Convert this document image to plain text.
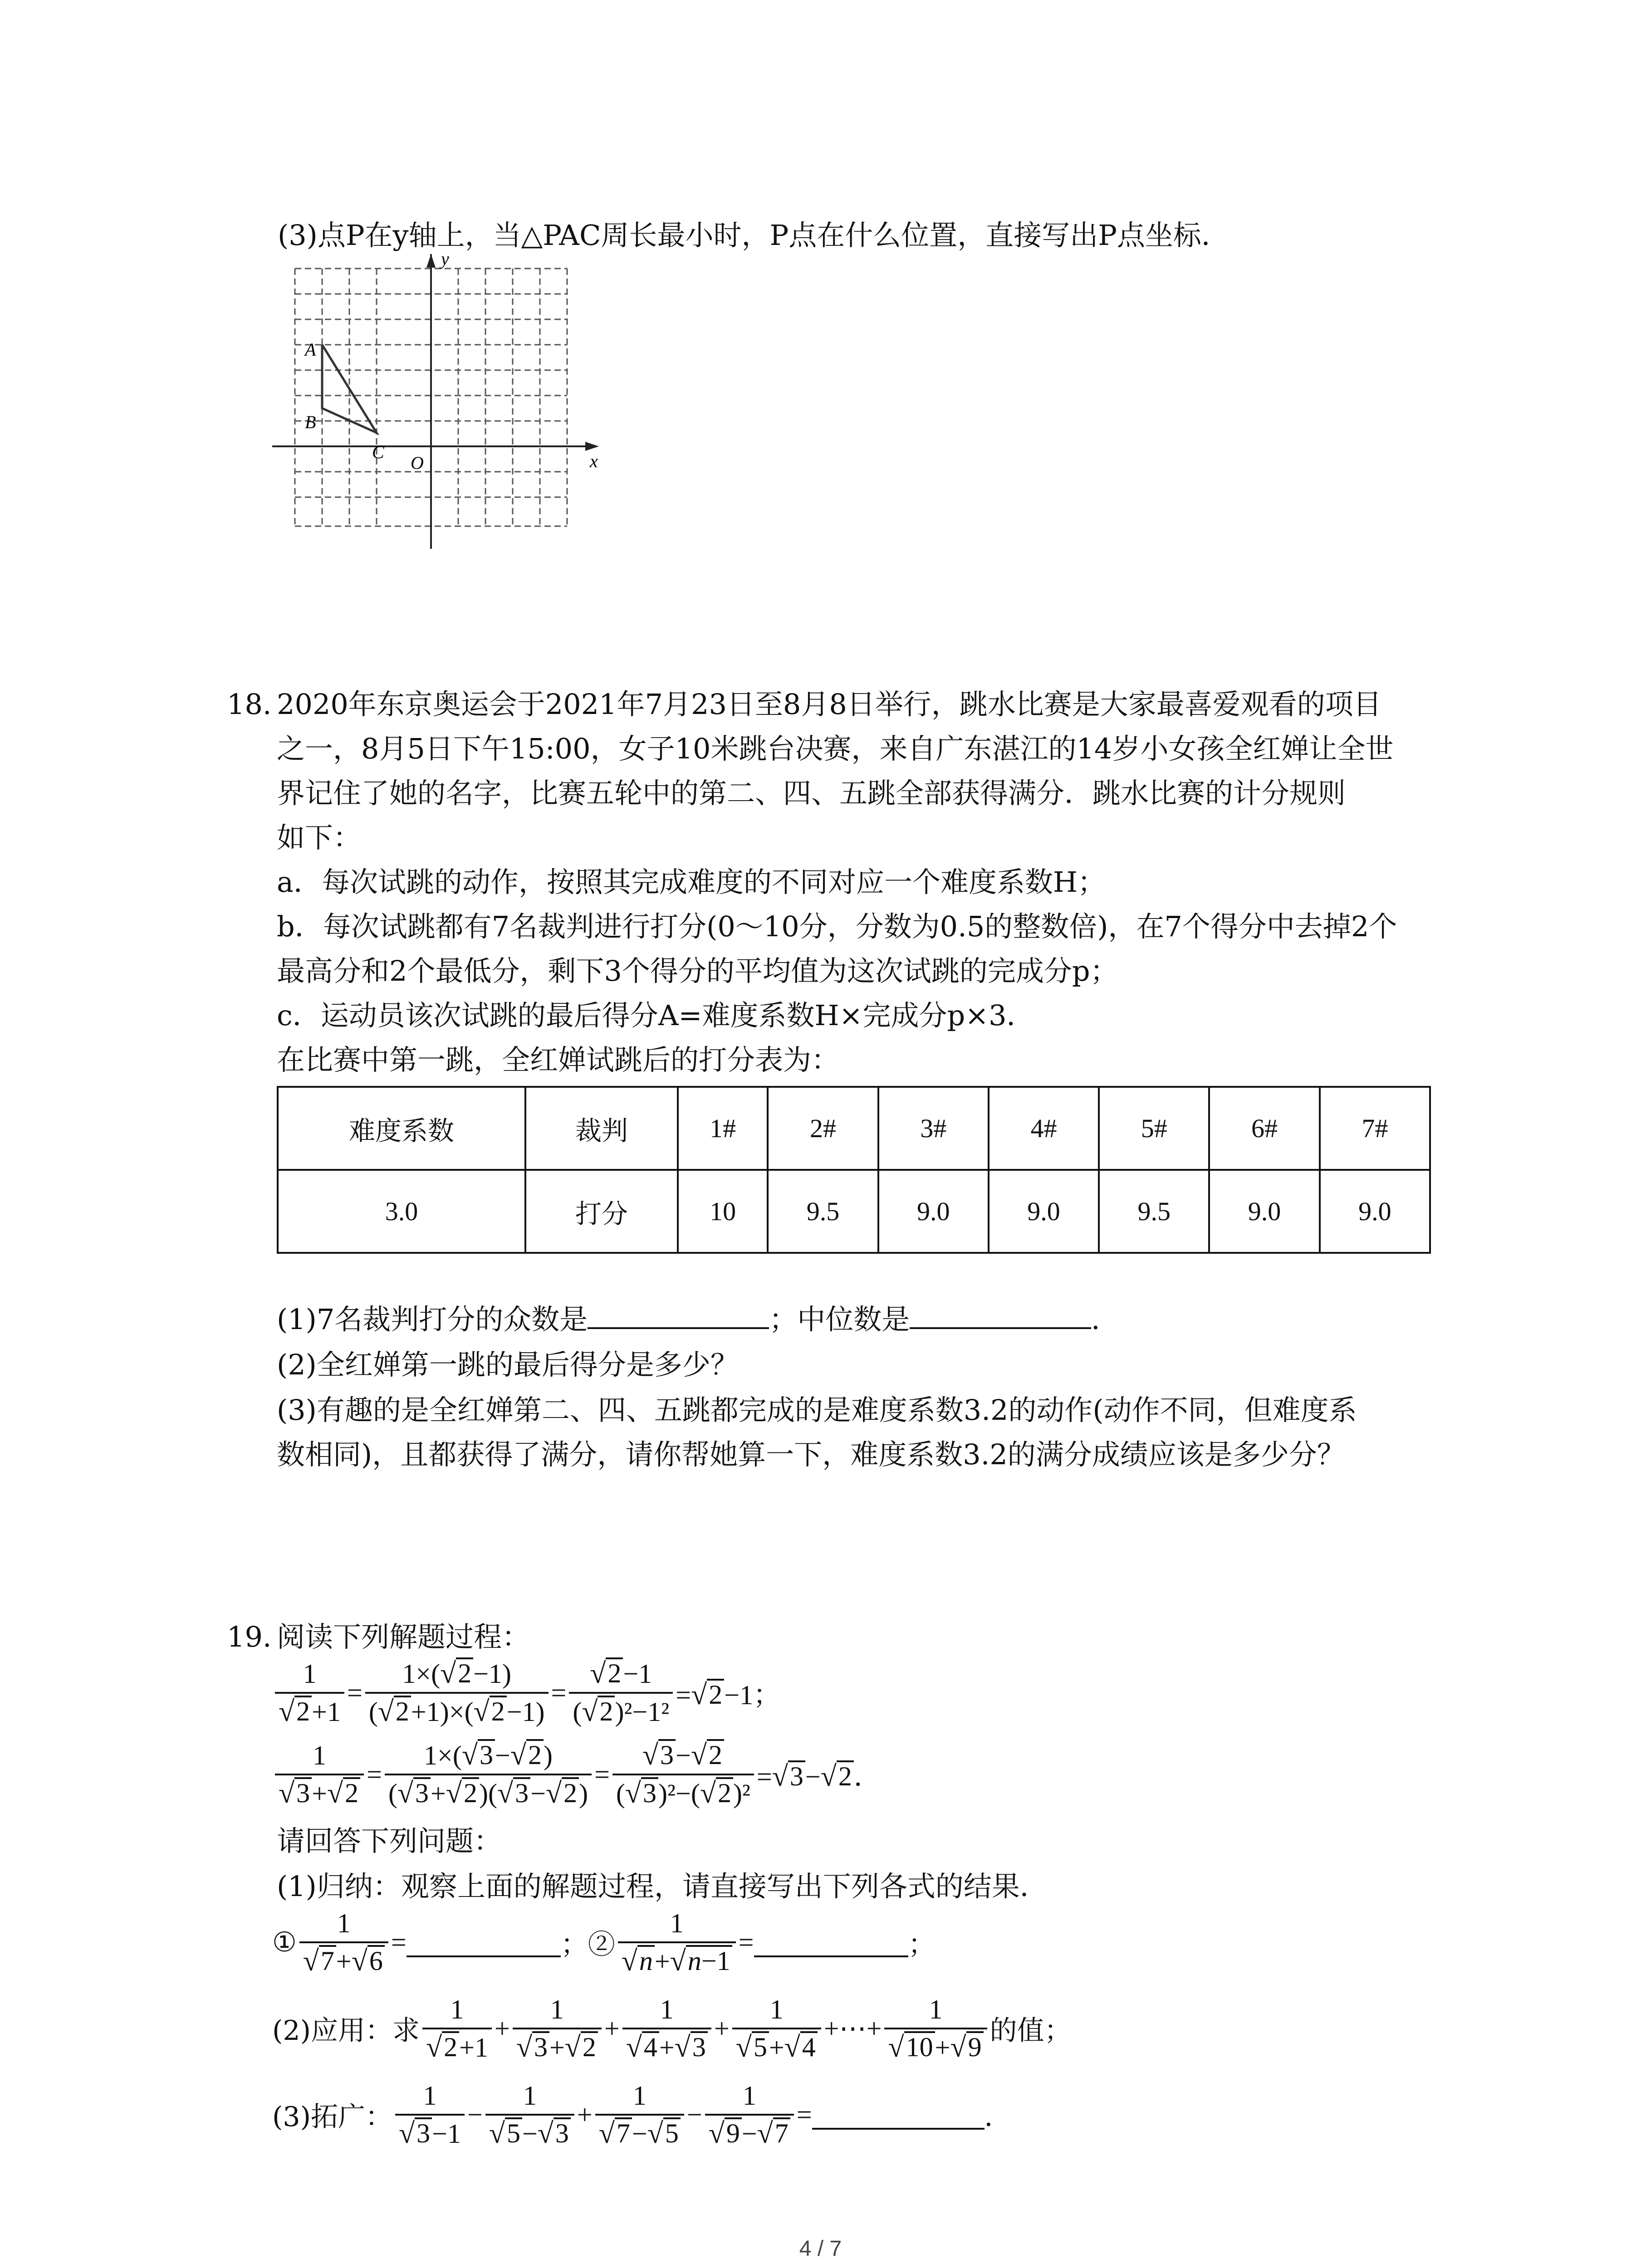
(3)点P在y轴上，当△PAC周长最小时，P点在什么位置，直接写出P点坐标．
y
x
O
A
B
C
18. 2020年东京奥运会于2021年7月23日至8月8日举行，跳水比赛是大家最喜爱观看的项目
之一，8月5日下午15:00，女子10米跳台决赛，来自广东湛江的14岁小女孩全红婵让全世
界记住了她的名字，比赛五轮中的第二、四、五跳全部获得满分．跳水比赛的计分规则
如下：
a．每次试跳的动作，按照其完成难度的不同对应一个难度系数H；
b．每次试跳都有7名裁判进行打分(0～10分，分数为0.5的整数倍)，在7个得分中去掉2个
最高分和2个最低分，剩下3个得分的平均值为这次试跳的完成分p；
c．运动员该次试跳的最后得分A=难度系数H×完成分p×3．
在比赛中第一跳，全红婵试跳后的打分表为：
难度系数	裁判	1#	2#	3#	4#	5#	6#	7#
3.0	打分	10	9.5	9.0	9.0	9.5	9.0	9.0
(1)7名裁判打分的众数是	；中位数是	．
(2)全红婵第一跳的最后得分是多少？
(3)有趣的是全红婵第二、四、五跳都完成的是难度系数3.2的动作(动作不同，但难度系
数相同)，且都获得了满分，请你帮她算一下，难度系数3.2的满分成绩应该是多少分？
19. 阅读下列解题过程：
$\frac{1}{√ 2 +1} = \frac{1\times( √ 2 -1)}{( √ 2 +1)\times( √ 2 -1)} = \frac{√ 2 -1}{\text{( √ 2 )²−1²}}$ = √ 2 −1；
$\frac{1}{√ 3 + √ 2} = \frac{1\times( √ 3 - √ 2 )}{( √ 3 + √ 2 )( √ 3 - √ 2 )} = \frac{√ 3 - √ 2}{\text{( √ 3 )²−( √ 2 )²}}$ = √ 3 − √ 2 ．
请回答下列问题：
(1)归纳：观察上面的解题过程，请直接写出下列各式的结果．
① $\frac{1}{√ 7 + √ 6}$ =	；② $\frac{1}{√ n + √ n-1}$ =	；
(2)应用：求 $\frac{1}{√ 2 +1} + \frac{1}{√ 3 + √ 2} + \frac{1}{√ 4 + √ 3} + \frac{1}{√ 5 + √ 4}$ +⋯+ $\frac{1}{√ 10 + √ 9}$ 的值；
(3)拓广： $\frac{1}{√ 3 -1} - \frac{1}{√ 5 - √ 3} + \frac{1}{√ 7 - √ 5} - \frac{1}{√ 9 - √ 7}$ =	．
4 / 7
